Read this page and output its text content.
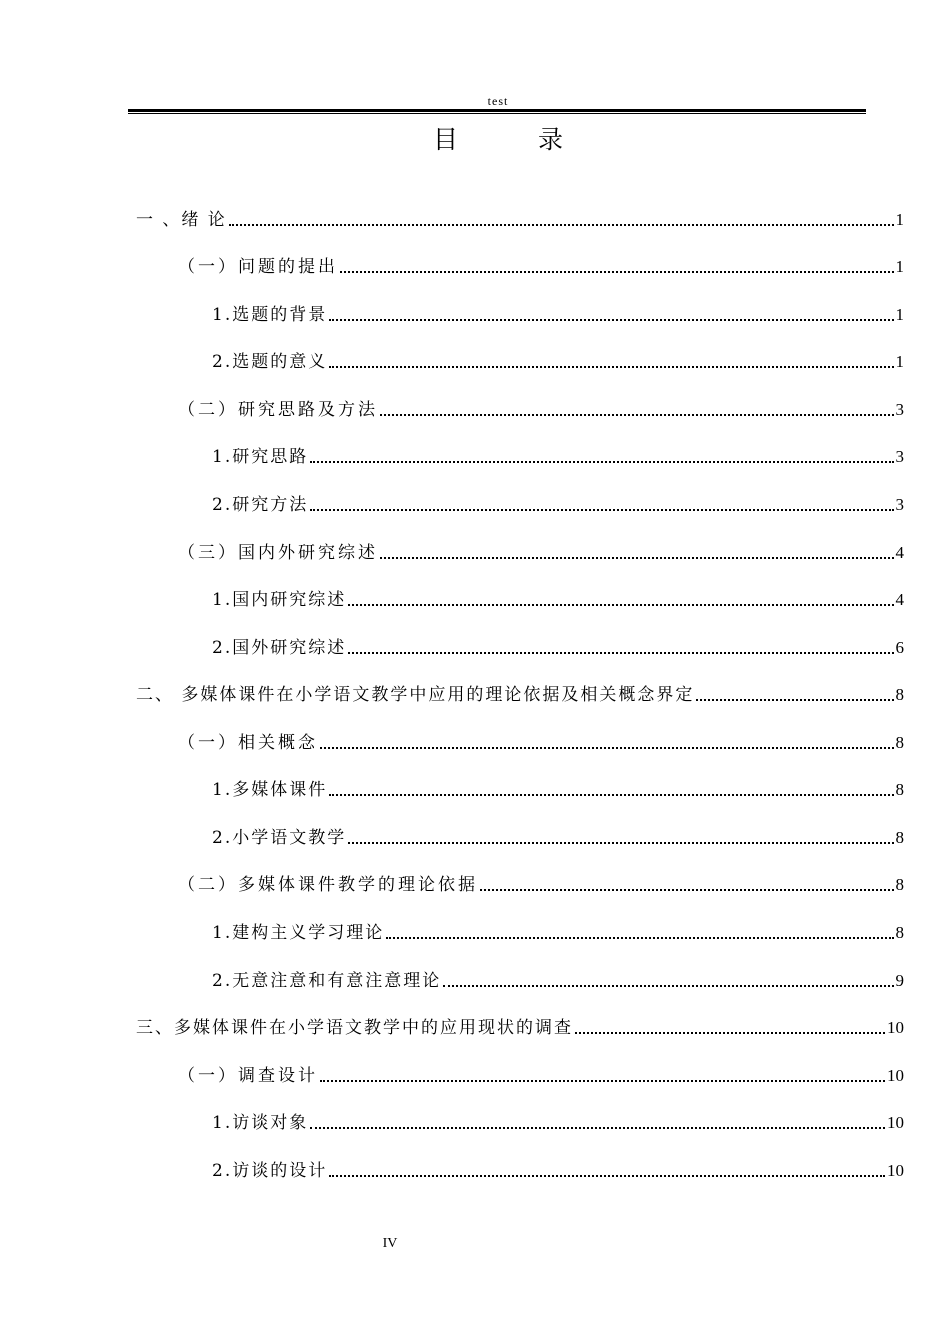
test
目 录
一 、绪 论	1
（一）问题的提出	1
1.选题的背景	1
2.选题的意义	1
（二）研究思路及方法	3
1.研究思路	3
2.研究方法	3
（三）国内外研究综述	4
1.国内研究综述	4
2.国外研究综述	6
二、 多媒体课件在小学语文教学中应用的理论依据及相关概念界定	8
（一）相关概念	8
1.多媒体课件	8
2.小学语文教学	8
（二）多媒体课件教学的理论依据	8
1.建构主义学习理论	8
2.无意注意和有意注意理论	9
三、多媒体课件在小学语文教学中的应用现状的调查	10
（一）调查设计	10
1.访谈对象	10
2.访谈的设计	10
IV
